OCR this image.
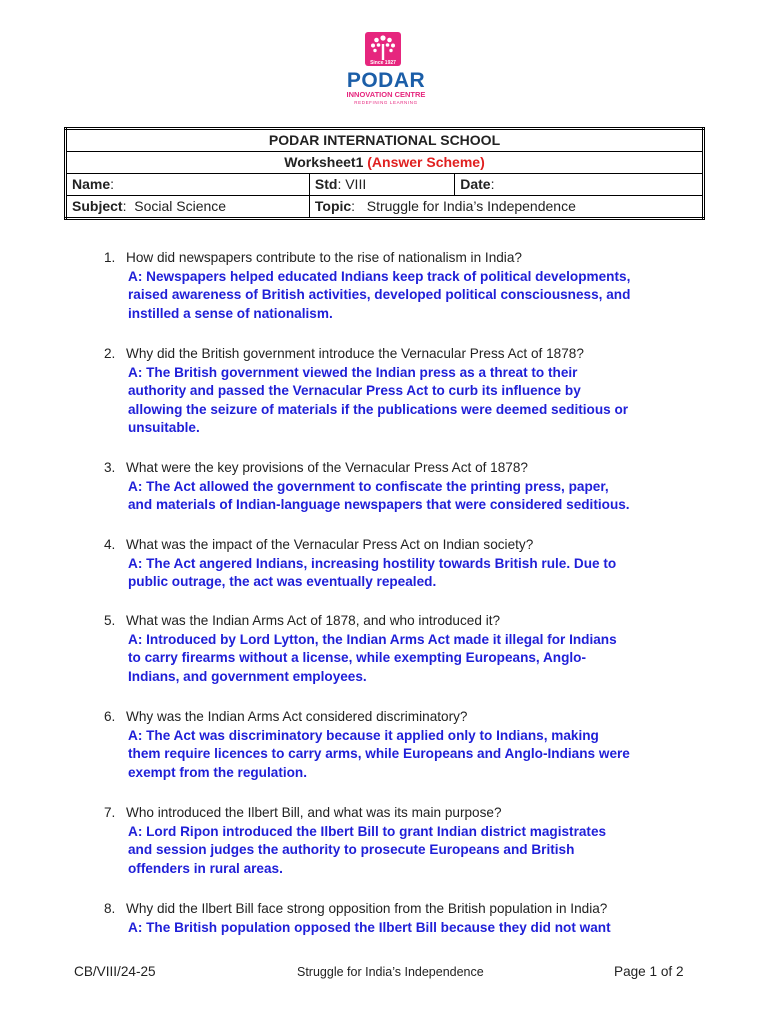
Since 1927
PODAR
INNOVATION CENTRE
REDEFINING LEARNING
PODAR INTERNATIONAL SCHOOL		
Worksheet1 (Answer Scheme)		
Name:	Std: VIII	Date:
Subject:  Social Science	Topic:   Struggle for India’s Independence	
1. How did newspapers contribute to the rise of nationalism in India?
A: Newspapers helped educated Indians keep track of political developments,
raised awareness of British activities, developed political consciousness, and
instilled a sense of nationalism.
2. Why did the British government introduce the Vernacular Press Act of 1878?
A: The British government viewed the Indian press as a threat to their
authority and passed the Vernacular Press Act to curb its influence by
allowing the seizure of materials if the publications were deemed seditious or
unsuitable.
3. What were the key provisions of the Vernacular Press Act of 1878?
A: The Act allowed the government to confiscate the printing press, paper,
and materials of Indian-language newspapers that were considered seditious.
4. What was the impact of the Vernacular Press Act on Indian society?
A: The Act angered Indians, increasing hostility towards British rule. Due to
public outrage, the act was eventually repealed.
5. What was the Indian Arms Act of 1878, and who introduced it?
A: Introduced by Lord Lytton, the Indian Arms Act made it illegal for Indians
to carry firearms without a license, while exempting Europeans, Anglo-
Indians, and government employees.
6. Why was the Indian Arms Act considered discriminatory?
A: The Act was discriminatory because it applied only to Indians, making
them require licences to carry arms, while Europeans and Anglo-Indians were
exempt from the regulation.
7. Who introduced the Ilbert Bill, and what was its main purpose?
A: Lord Ripon introduced the Ilbert Bill to grant Indian district magistrates
and session judges the authority to prosecute Europeans and British
offenders in rural areas.
8. Why did the Ilbert Bill face strong opposition from the British population in India?
A: The British population opposed the Ilbert Bill because they did not want
CB/VIII/24-25	Struggle for India’s Independence	Page 1 of 2
